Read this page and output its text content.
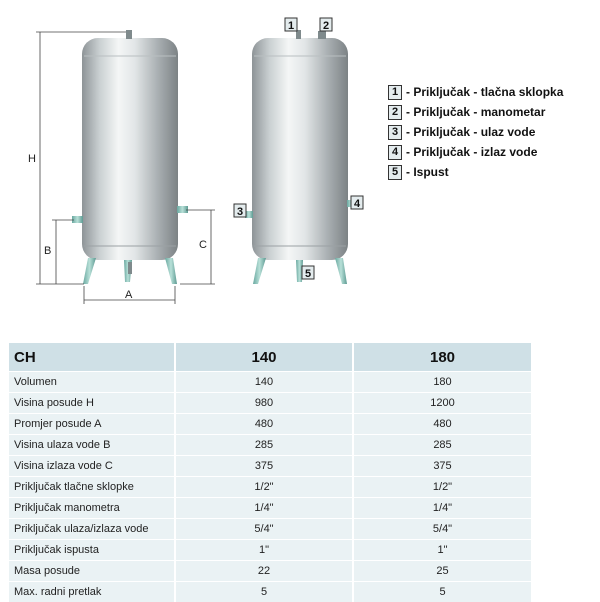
H
B	C
A
1	2
3
4
5
1 - Priključak - tlačna sklopka
2 - Priključak - manometar
3 - Priključak - ulaz vode
4 - Priključak - izlaz vode
5 - Ispust
CH	140	180
Volumen	140	180
Visina posude H	980	1200
Promjer posude A	480	480
Visina ulaza vode B	285	285
Visina izlaza vode C	375	375
Priključak tlačne sklopke	1/2"	1/2"
Priključak manometra	1/4"	1/4"
Priključak ulaza/izlaza vode	5/4"	5/4"
Priključak ispusta	1"	1"
Masa posude	22	25
Max. radni pretlak	5	5
